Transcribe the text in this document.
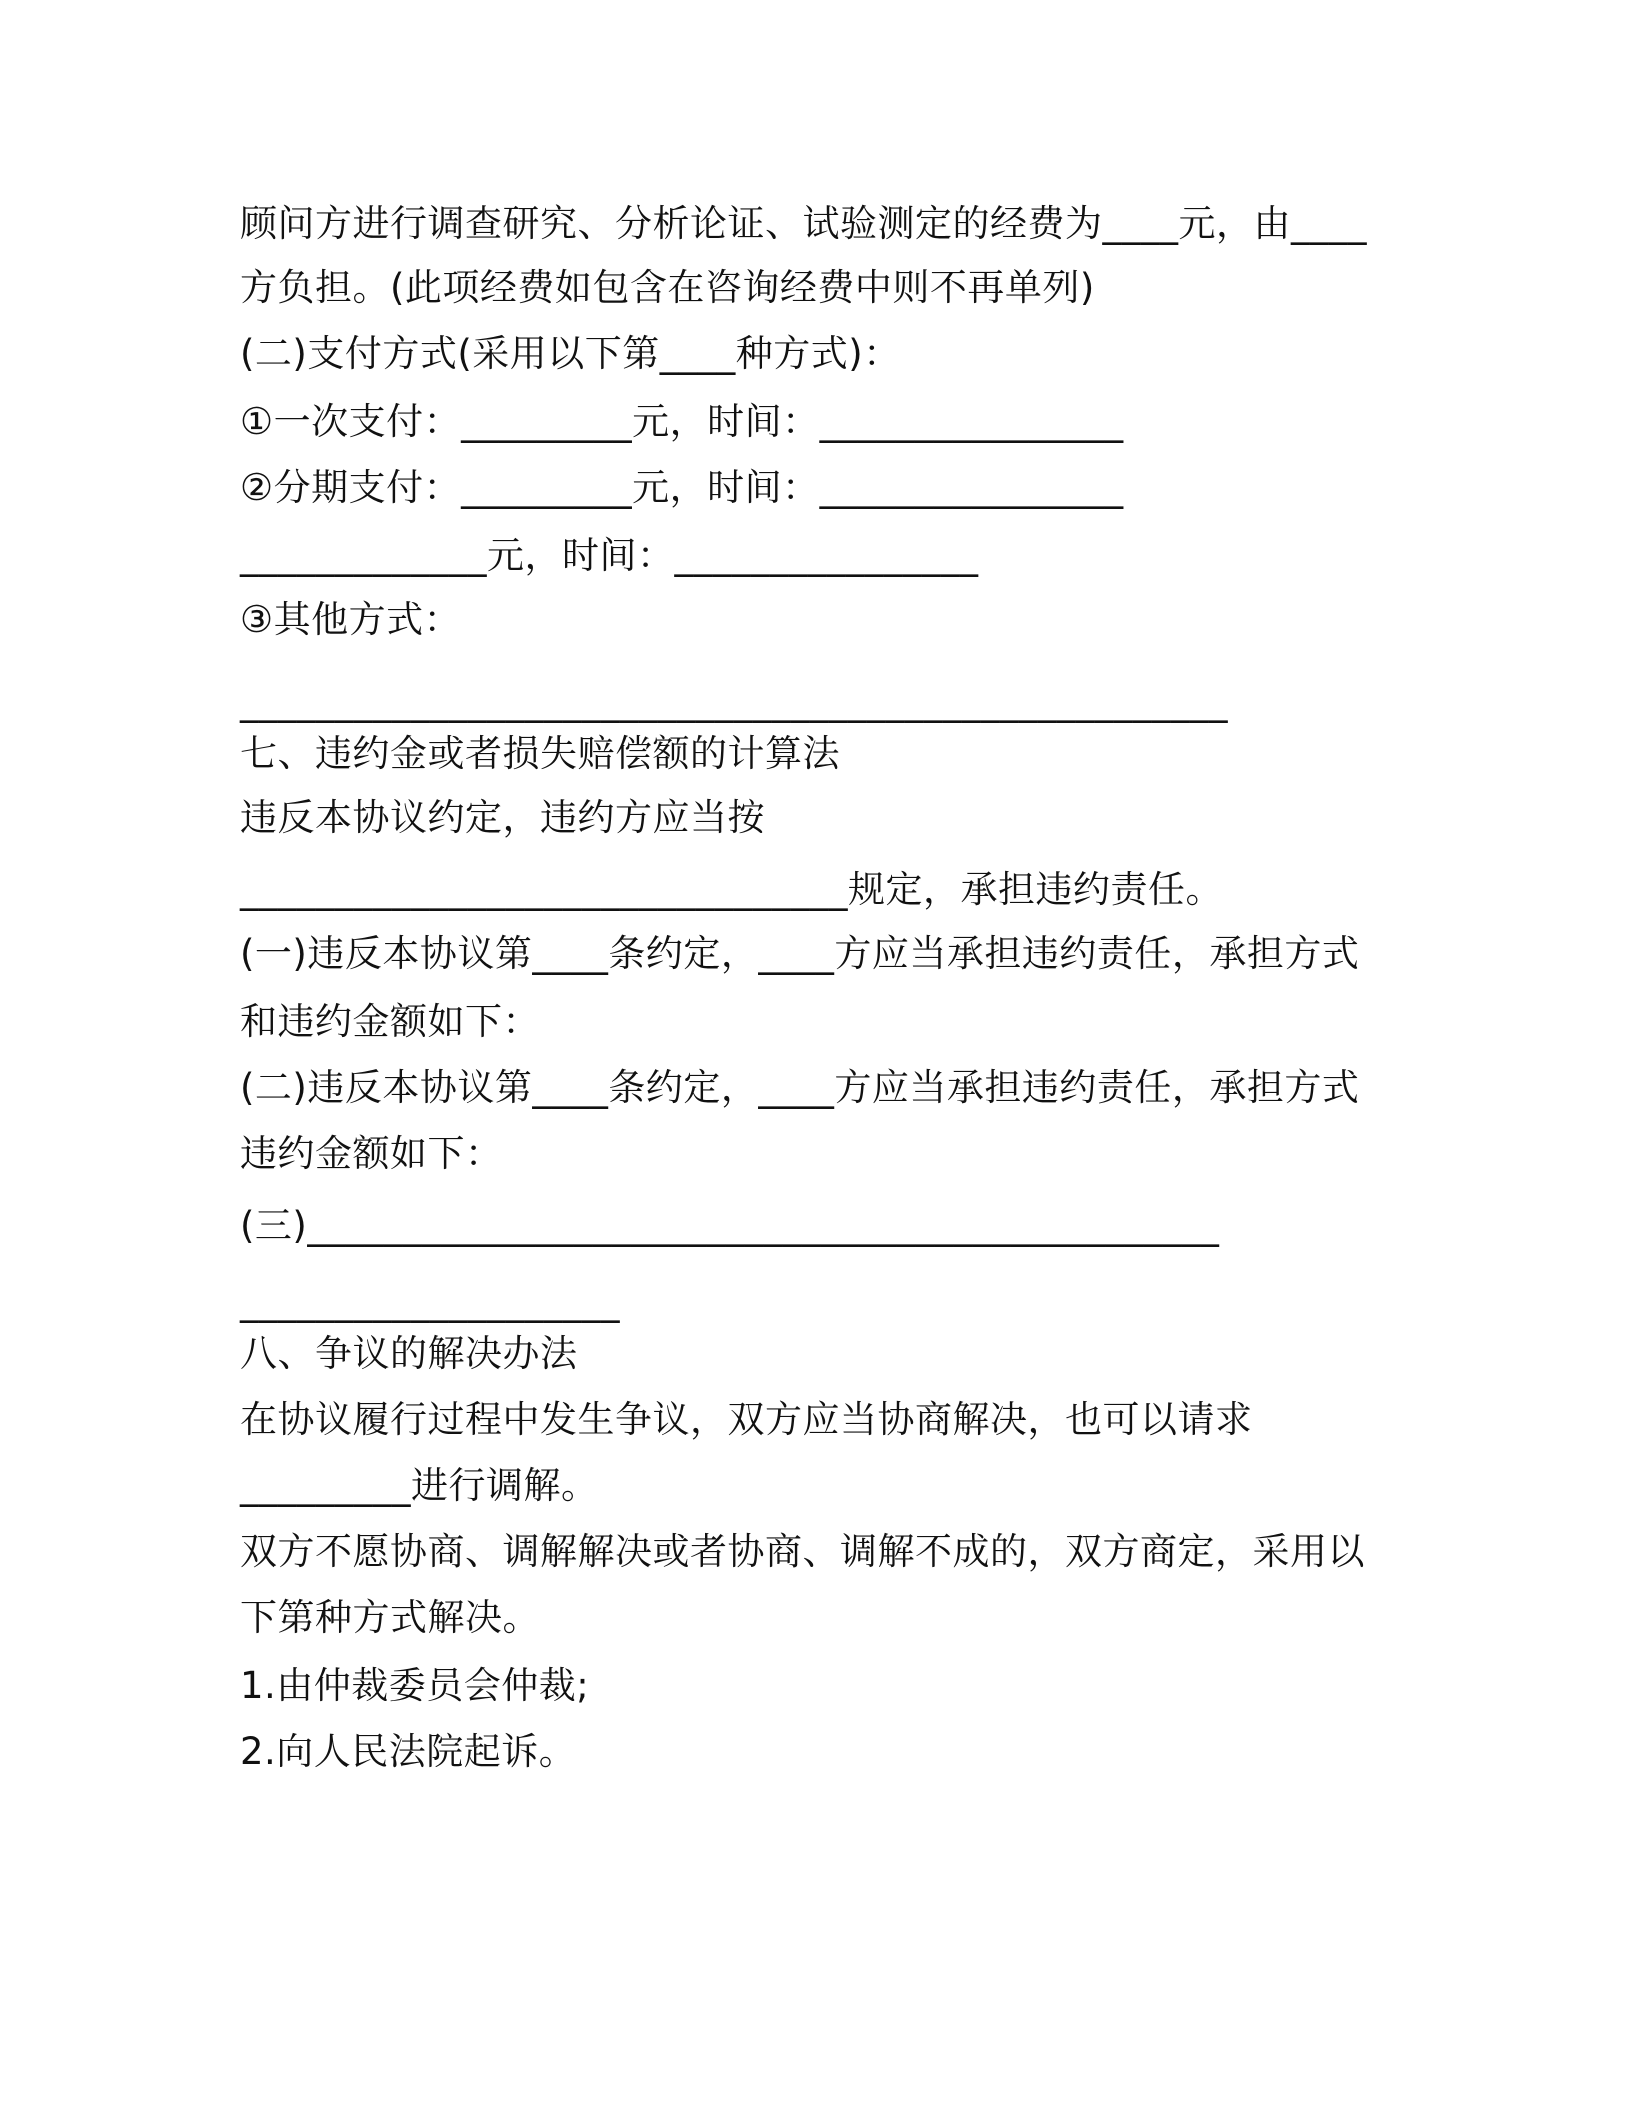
顾问方进行调查研究、分析论证、试验测定的经费为____元，由____
方负担。(此项经费如包含在咨询经费中则不再单列)
(二)支付方式(采用以下第____种方式)：
①一次支付：_________元，时间：________________
②分期支付：_________元，时间：________________
_____________元，时间：________________
③其他方式：
____________________________________________________
七、违约金或者损失赔偿额的计算法
违反本协议约定，违约方应当按
________________________________规定，承担违约责任。
(一)违反本协议第____条约定，____方应当承担违约责任，承担方式
和违约金额如下：
(二)违反本协议第____条约定，____方应当承担违约责任，承担方式
违约金额如下：
(三)________________________________________________
____________________
八、争议的解决办法
在协议履行过程中发生争议，双方应当协商解决，也可以请求
_________进行调解。
双方不愿协商、调解解决或者协商、调解不成的，双方商定，采用以
下第种方式解决。
1.由仲裁委员会仲裁;
2.向人民法院起诉。
